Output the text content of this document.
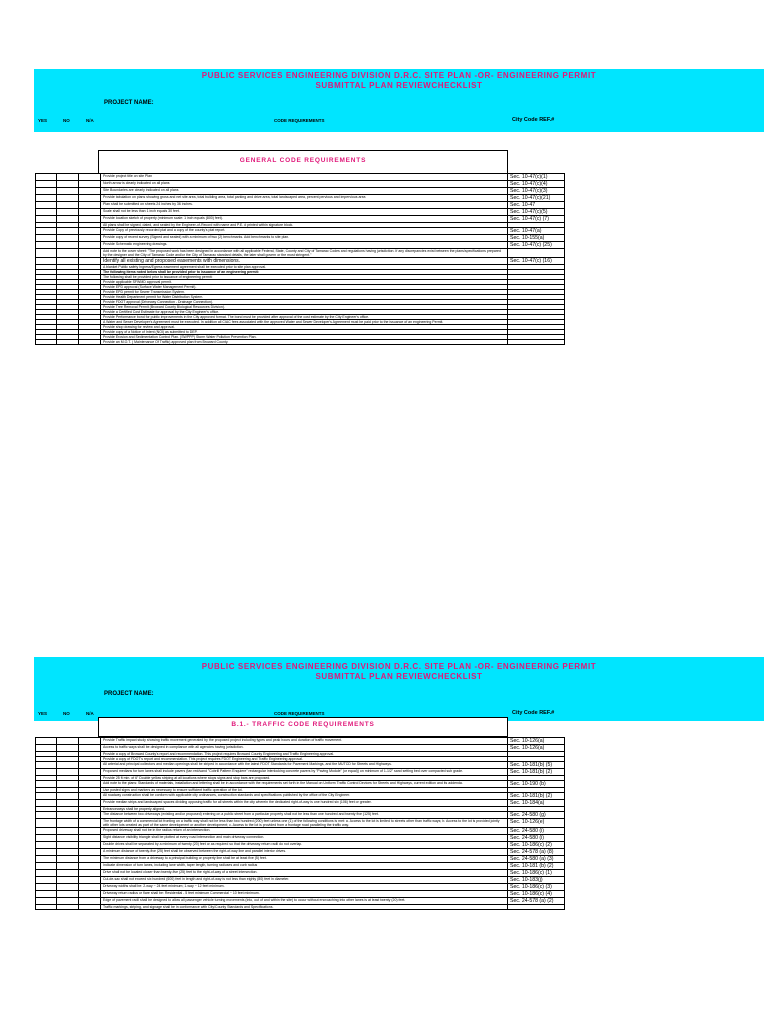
PUBLIC SERVICES ENGINEERING DIVISION D.R.C. SITE PLAN -OR- ENGINEERING PERMIT
SUBMITTAL PLAN REVIEWCHECKLIST
PROJECT NAME:
YES	NO	N/A	CODE REQUIREMENTS	City Code REF.#
GENERAL CODE REQUIREMENTS
			Provide project title on site Plan	Sec. 10-47(c)(1)
			North arrow is clearly indicated on all plans	Sec. 10-47(c)(4)
			Site Boundaries are clearly indicated on all plans	Sec. 10-47(c)(3)
			Provide tabulation on plans showing gross and net site area, total building area, total parking and drive area, total landscaped area, percent pervious and impervious area	Sec. 10-47(c)(21)
			Plan shall be submitted on sheets 24 inches by 36 inches.	Sec. 10-47
			Scale shall not be less than 1 inch equals 30 feet.	Sec. 10-47(c)(5)
			Provide location sketch of property (minimum scale: 1 inch equals (800) feet).	Sec. 10-47(c) (7)
			All plans shall be signed, dated, and sealed by the Engineer-of-Record with name and P.E. # printed within signature block.	
			Provide Copy of previously recorded plat and a copy of the county's plat report.	Sec. 10-47(a)
			Provide copy of recent survey (Signed and sealed) with a minimum of two (2) benchmarks. Add benchmarks to site plan.	Sec. 10-155(a)
			Provide Schematic engineering drawings.	Sec. 10-47(c) (25)
			Add note to the cover sheet: "The proposed work has been designed in accordance with all applicable Federal, State, County and City of Tamarac Codes and regulations having jurisdiction. If any discrepancies exist between the plans/specifications prepared by the designer and the City of Tamarac Code and/or the City of Tamarac standard details, the later shall govern or the most stringent."	
			Identify all existing and proposed easements with dimensions.	Sec. 10-47(c) (16)
			A blanket Public safety Ingress/Egress easement agreement shall be executed prior to site plan approval.	
			The following items noted below shall be provided prior to issuance of an engineering permit:	
			The following shall be provided prior to issuance of engineering permit:	
			Provide applicable SFWMD approval permit.	
			Provide EPD approval (Surface Water Management Permit).	
			Provide EPD permit for Sewer Transmission System.	
			Provide Health Department permit for Water Distribution System.	
			Provide FDOT approval (Driveway Connection - Drainage Connection).	
			Provide Tree Removal Permit (Broward County Biological Resources Division).	
			Provide a Certified Cost Estimate for approval by the City Engineer's office.	
			Provide Performance bond for public improvements in the City approved format. The bond must be provided after approval of the cost estimate by the City Engineer's office.	
			A Water and Sewer Developer's Agreement must be executed. In addition all CIAC fees associated with the approved Water and Sewer Developer's Agreement must be paid prior to the issuance of an engineering Permit.	
			Provide shop drawing for review and approval.	
			Provide copy of a Notice of Intent (NOI) as submitted to DEP.	
			Provide Erosion and Sedimentation Control Plan. (SWPPP) Storm Water Pollution Prevention Plan.	
			Provide an M.O.T. ( Maintenance Of Traffic) approved plan from Broward County.	
PUBLIC SERVICES ENGINEERING DIVISION D.R.C. SITE PLAN -OR- ENGINEERING PERMIT
SUBMITTAL PLAN REVIEWCHECKLIST
PROJECT NAME:
YES	NO	N/A	CODE REQUIREMENTS	City Code REF.#
B.1.- TRAFFIC CODE REQUIREMENTS
			Provide Traffic impact study showing traffic movement generated by the proposed project including types and peak hours and duration of traffic movement.	Sec. 10-126(a)
			Access to traffic ways shall be designed in compliance with all agencies having jurisdiction.	Sec. 10-126(a)
			Provide a copy of Broward County's report and recommendation. This project requires Broward County Engineering and Traffic Engineering approval.	
			Provide a copy of FDOT's report and recommendation. This project requires FDOT Engineering and Traffic Engineering approval.	
			All arterial and principal collectors and median openings shall be striped in accordance with the latest FDOT Standards for Pavement Markings, and the MUTCD for Streets and Highways.	Sec. 10-181(b) (5)
			Proposed medians for turn lanes shall include pavers (tan red/sand "Cobrill Pattern Enquiere" rectangular interlocking concrete pavers by "Paving Module" (or equal)) on minimum of 1-1/2" sand setting bed over compacted sub grade.	Sec. 10-181(b) (2)
			Provide 25 ft min. of 6" Double yellow striping at all locations where stops signs and stop bars are proposed.	
			Add note to the plans: Standards of materials, installation and lettering shall be in accordance with the requirements set forth in the Manual on Uniform Traffic Control Devices for Streets and Highways, current edition and its addenda.	Sec. 10-190 (b)
			Use posted signs and markers as necessary to ensure sufficient traffic operation of the lot.	
			All roadway construction shall be conform with applicable city ordinances, construction standards and specifications published by the office of the City Engineer.	Sec. 10-181(b) (2)
			Provide median strips and landscaped spaces dividing opposing traffic for all streets within the city wherein the dedicated right-of-way is one hundred six (106) feet or greater.	Sec. 10-184(a)
			Entranceways shall be properly aligned.	
			The distance between two driveways (existing and/or proposed) entering on a public street from a particular property shall not be less than one hundred and twenty five (125) feet.	Sec. 24-580 (g)
			The frontage width of a commercial lot fronting on a traffic way shall not be less than two hundred (200) feet unless one (1) of the following conditions is met: a. Access to the lot is limited to streets other than traffic ways; b. Access to the lot is provided jointly with other lots created as part of the same development or another development; c. Access to the lot is provided from a frontage road paralleling the traffic way.	Sec. 10-126(e)
			Proposed driveway shall not be in the radius return of an intersection.	Sec. 24-580 (i)
			Sight distance visibility triangle shall be plotted at every road intersection and main driveway connection.	Sec. 24-580 (i)
			Double drives shall be separated by a minimum of twenty (20) feet or as required so that the driveway return radii do not overlap.	Sec. 10-186(c) (2)
			A minimum distance of twenty-five (25) feet shall be observed between the right-of-way line and parallel interior drives.	Sec. 24-578 (a) (8)
			The minimum distance from a driveway to a principal building or property line shall be at least five (5) feet.	Sec. 24-580 (a) (3)
			Indicate dimension of turn lanes, including lane width, taper length, turning radiuses and curb radius	Sec. 10-181 (b) (2)
			Drive shall not be located closer than twenty-five (25) feet to the right-of-way of a street intersection.	Sec. 10-186(c) (1)
			Cul-de-sac shall not exceed six hundred (600) feet in length and right-of-way is not less than eighty (80) feet in diameter.	Sec. 10-183(j)
			Driveway widths shall be: 2-way ~ 24 feet minimum; 1-way ~ 12 feet minimum.	Sec. 10-186(c) (3)
			Driveway return radius or flare shall be: Residential - 5 feet minimum Commercial ~ 10 feet minimum.	Sec. 10-186(c) (4)
			Edge of pavement radii shall be designed to allow all passenger vehicle turning movements (into, out of and within the site) to occur without encroaching into other lanes is at least twenty (20) feet.	Sec. 24-578 (a) (2)
			Traffic markings, striping, and signage shall be in conformance with City/County Standards and Specifications.	
